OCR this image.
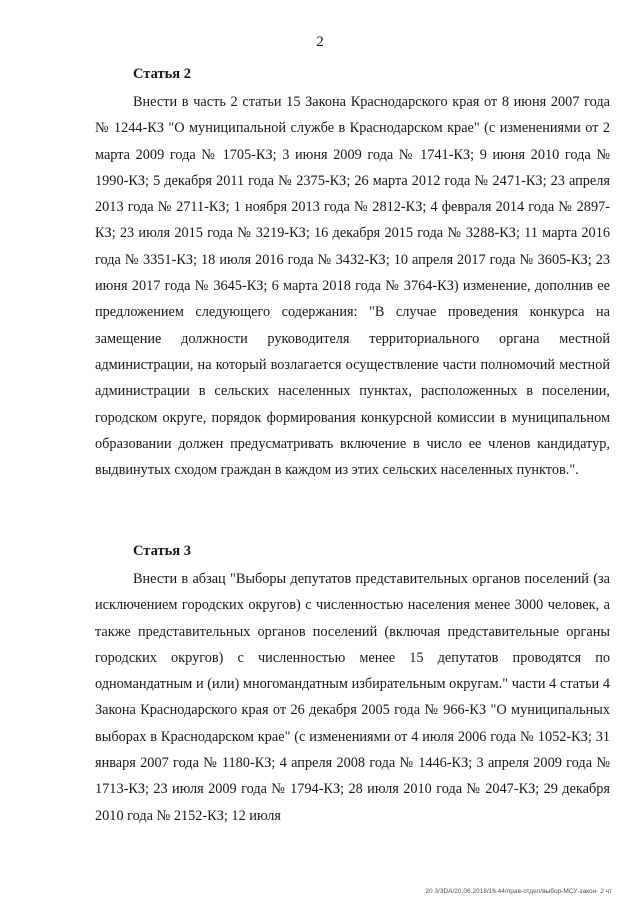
2
Статья 2

Внести в часть 2 статьи 15 Закона Краснодарского края от 8 июня 2007 года № 1244-КЗ "О муниципальной службе в Краснодарском крае" (с изменениями от 2 марта 2009 года № 1705-КЗ; 3 июня 2009 года № 1741-КЗ; 9 июня 2010 года № 1990-КЗ; 5 декабря 2011 года № 2375-КЗ; 26 марта 2012 года № 2471-КЗ; 23 апреля 2013 года № 2711-КЗ; 1 ноября 2013 года № 2812-КЗ; 4 февраля 2014 года № 2897-КЗ; 23 июля 2015 года № 3219-КЗ; 16 декабря 2015 года № 3288-КЗ; 11 марта 2016 года № 3351-КЗ; 18 июля 2016 года № 3432-КЗ; 10 апреля 2017 года № 3605-КЗ; 23 июня 2017 года № 3645-КЗ; 6 марта 2018 года № 3764-КЗ) изменение, дополнив ее предложением следующего содержания: "В случае проведения конкурса на замещение должности руководителя территориального органа местной администрации, на который возлагается осуществление части полномочий местной администрации в сельских населенных пунктах, расположенных в поселении, городском округе, порядок формирования конкурсной комиссии в муниципальном образовании должен предусматривать включение в число ее членов кандидатур, выдвинутых сходом граждан в каждом из этих сельских населенных пунктов.".

Статья 3

Внести в абзац "Выборы депутатов представительных органов поселений (за исключением городских округов) с численностью населения менее 3000 человек, а также представительных органов поселений (включая представительные органы городских округов) с численностью менее 15 депутатов проводятся по одномандатным и (или) многомандатным избирательным округам." части 4 статьи 4 Закона Краснодарского края от 26 декабря 2005 года № 966-КЗ "О муниципальных выборах в Краснодарском крае" (с изменениями от 4 июля 2006 года № 1052-КЗ; 31 января 2007 года № 1180-КЗ; 4 апреля 2008 года № 1446-КЗ; 3 апреля 2009 года № 1713-КЗ; 23 июля 2009 года № 1794-КЗ; 28 июля 2010 года № 2047-КЗ; 29 декабря 2010 года № 2152-КЗ; 12 июля

20 3/3DA/20.06.2018/16.44/прав-отдел/выбор-МСУ-закон- 2 чт
